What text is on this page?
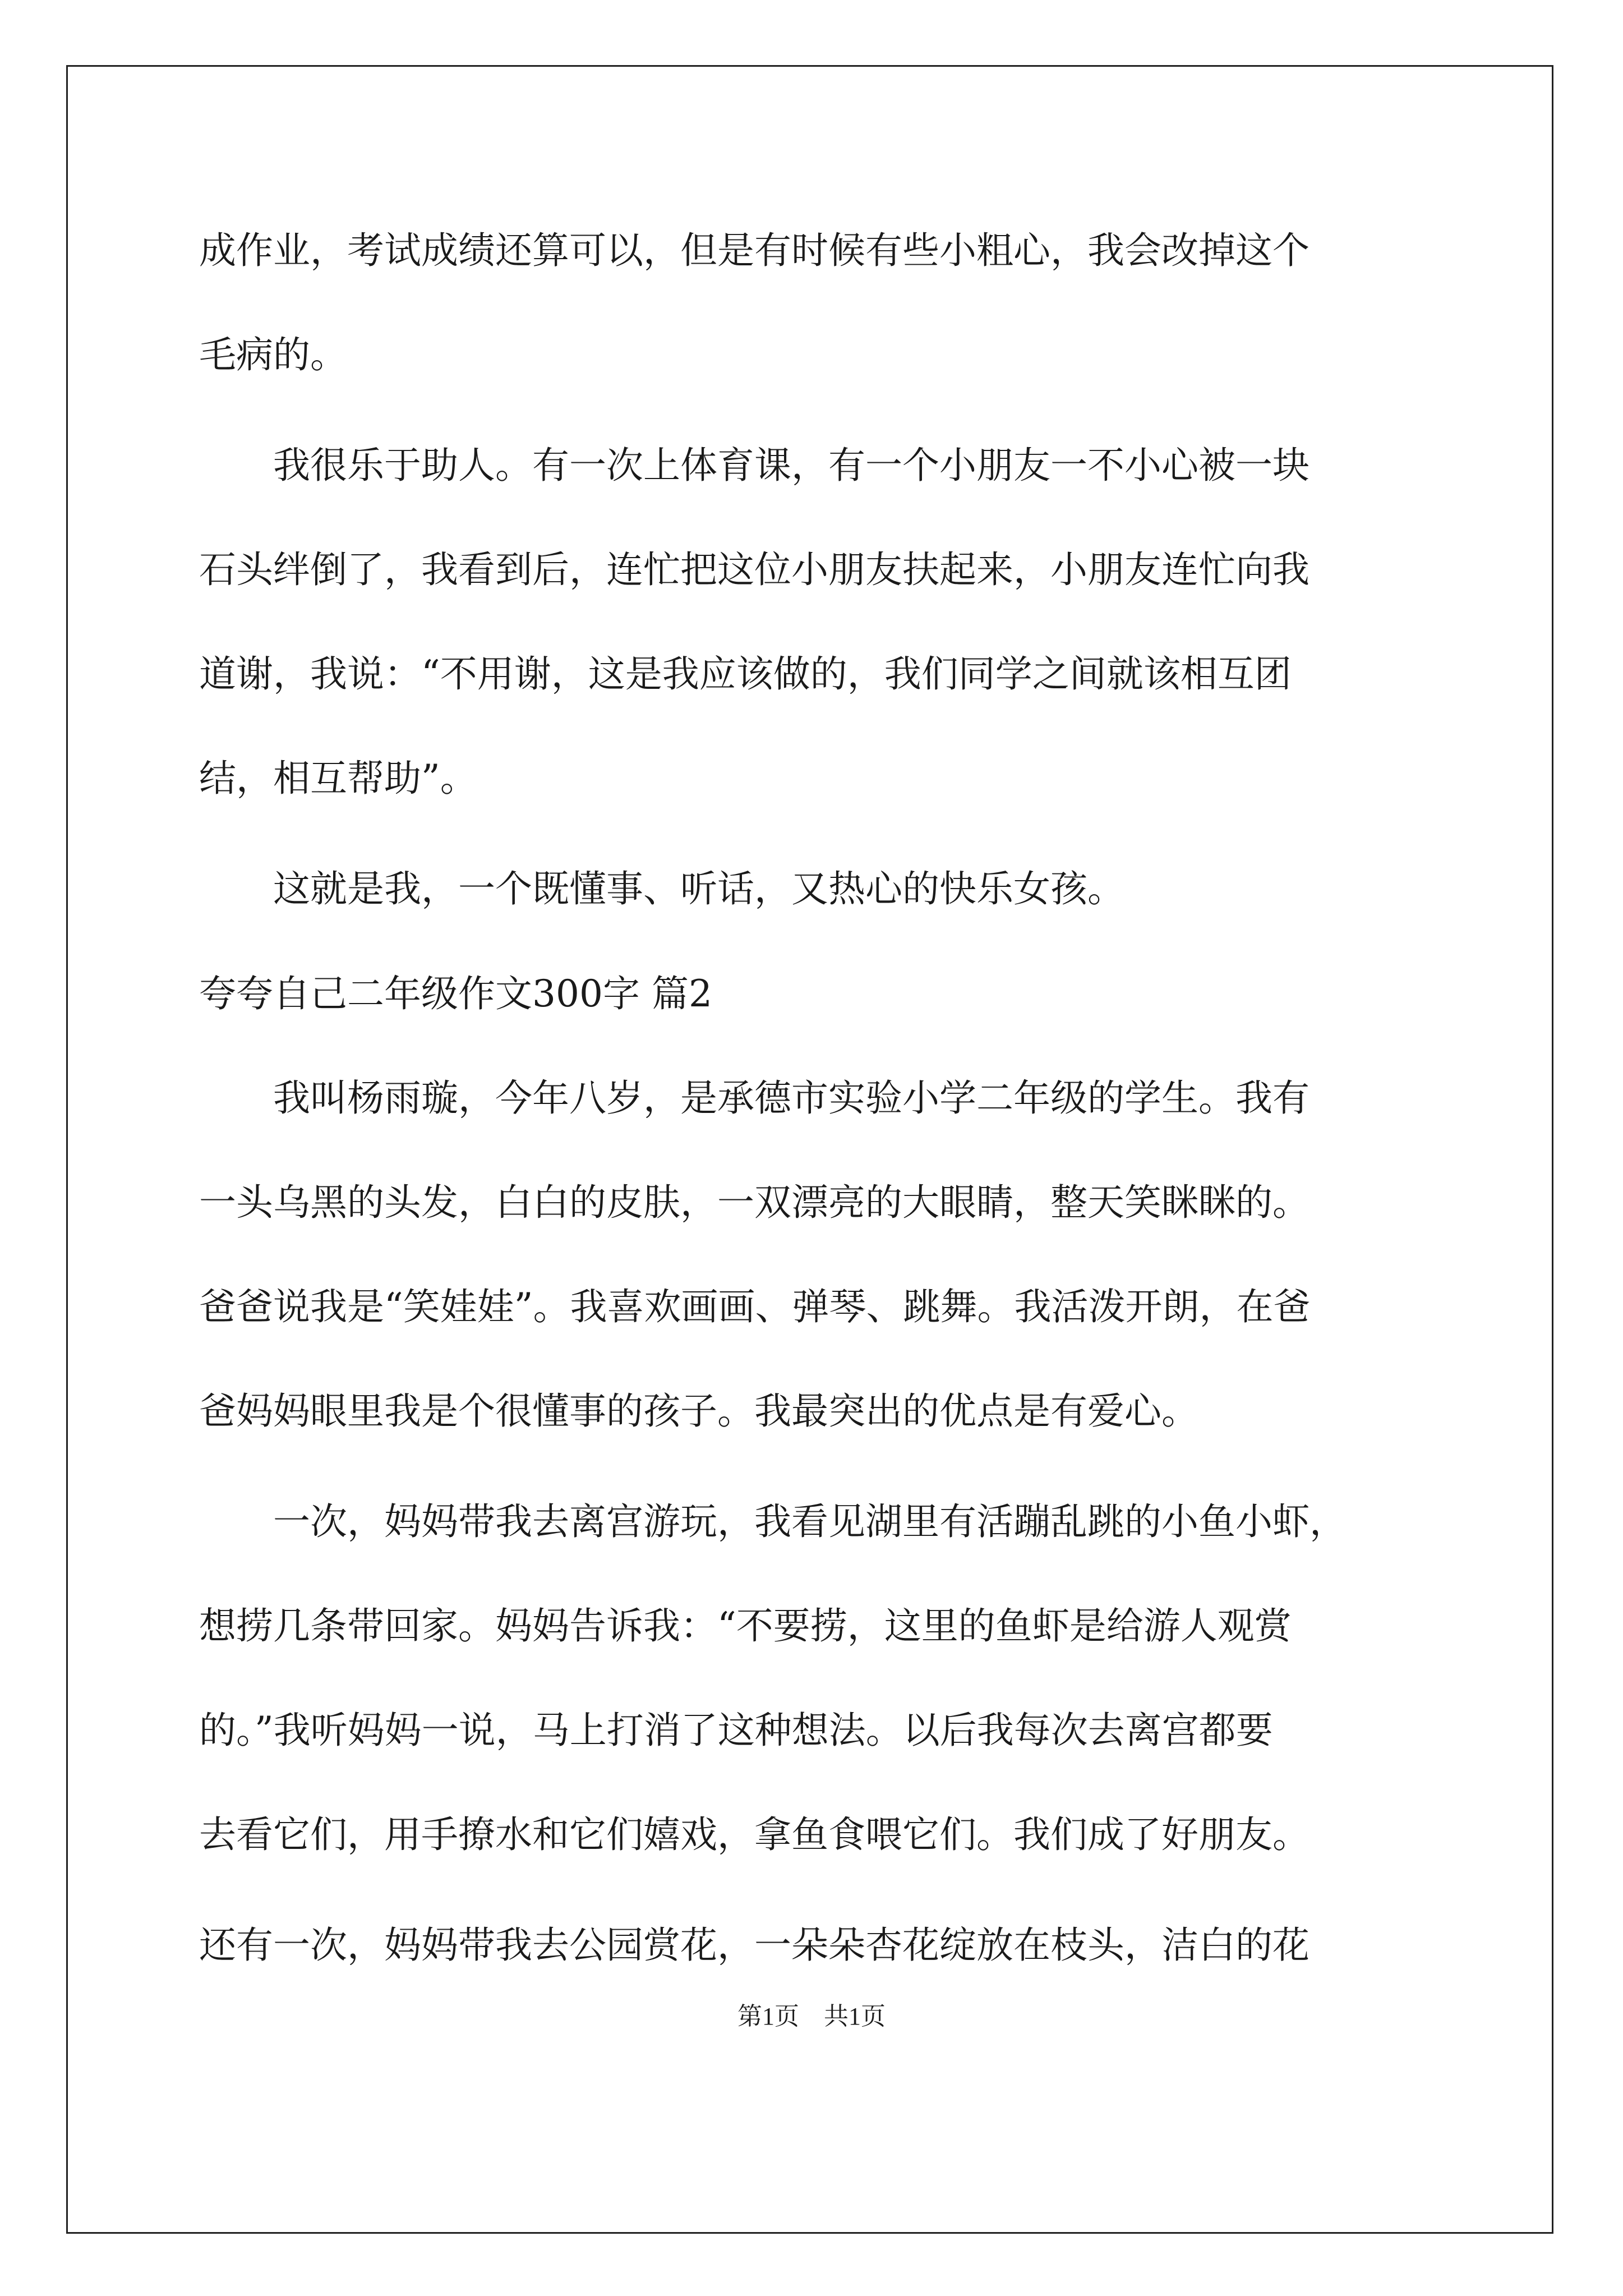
成作业，考试成绩还算可以，但是有时候有些小粗心，我会改掉这个
毛病的。
　　我很乐于助人。有一次上体育课，有一个小朋友一不小心被一块
石头绊倒了，我看到后，连忙把这位小朋友扶起来，小朋友连忙向我
道谢，我说：“不用谢，这是我应该做的，我们同学之间就该相互团
结，相互帮助”。
　　这就是我，一个既懂事、听话，又热心的快乐女孩。
夸夸自己二年级作文300字 篇2
　　我叫杨雨璇，今年八岁，是承德市实验小学二年级的学生。我有
一头乌黑的头发，白白的皮肤，一双漂亮的大眼睛，整天笑眯眯的。
爸爸说我是“笑娃娃”。我喜欢画画、弹琴、跳舞。我活泼开朗，在爸
爸妈妈眼里我是个很懂事的孩子。我最突出的优点是有爱心。
　　一次，妈妈带我去离宫游玩，我看见湖里有活蹦乱跳的小鱼小虾，
想捞几条带回家。妈妈告诉我：“不要捞，这里的鱼虾是给游人观赏
的。”我听妈妈一说，马上打消了这种想法。以后我每次去离宫都要
去看它们，用手撩水和它们嬉戏，拿鱼食喂它们。我们成了好朋友。
还有一次，妈妈带我去公园赏花，一朵朵杏花绽放在枝头，洁白的花
第1页　共1页
